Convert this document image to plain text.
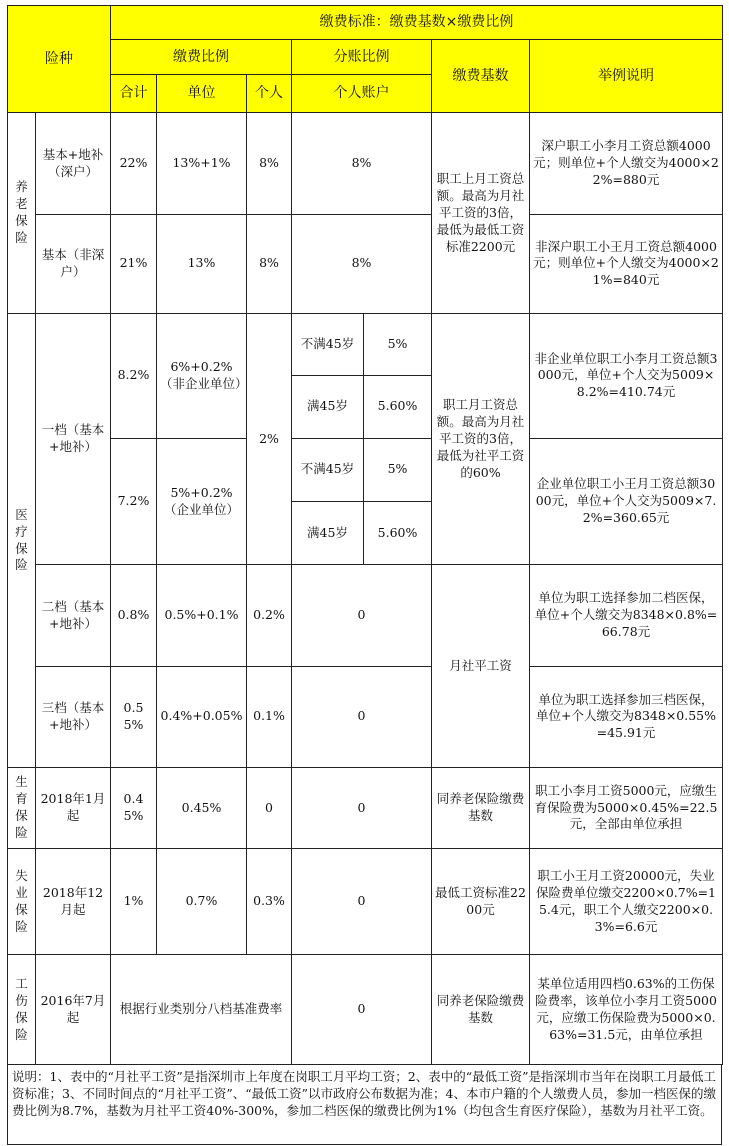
险种		缴费标准：缴费基数×缴费比例						
		缴费比例			分账比例		缴费基数	举例说明
		合计	单位	个人	个人账户			
养老保险	基本+地补（深户）	22%	13%+1%	8%	8%		职工上月工资总额。最高为月社平工资的3倍，最低为最低工资标准2200元	深户职工小李月工资总额4000元；则单位+个人缴交为4000×22%=880元
	基本（非深户）	21%	13%	8%	8%			非深户职工小王月工资总额4000元；则单位+个人缴交为4000×21%=840元
医疗保险	一档（基本+地补）	8.2%	6%+0.2%（非企业单位）	2%	不满45岁	5%	职工月工资总额。最高为月社平工资的3倍，最低为社平工资的60%	非企业单位职工小李月工资总额3000元，单位+个人交为5009×8.2%=410.74元
					满45岁	5.60%		
		7.2%	5%+0.2%（企业单位）		不满45岁	5%		企业单位职工小王月工资总额3000元，单位+个人交为5009×7.2%=360.65元
					满45岁	5.60%		
	二档（基本+地补）	0.8%	0.5%+0.1%	0.2%	0		月社平工资	单位为职工选择参加二档医保，单位+个人缴交为8348×0.8%=66.78元
	三档（基本+地补）	0.55%	0.4%+0.05%	0.1%	0			单位为职工选择参加三档医保，单位+个人缴交为8348×0.55%=45.91元
生育保险	2018年1月起	0.45%	0.45%	0	0		同养老保险缴费基数	职工小李月工资5000元，应缴生育保险费为5000×0.45%=22.5元，全部由单位承担
失业保险	2018年12月起	1%	0.7%	0.3%	0		最低工资标准2200元	职工小王月工资20000元，失业保险费单位缴交2200×0.7%=15.4元，职工个人缴交2200×0.3%=6.6元
工伤保险	2016年7月起	根据行业类别分八档基准费率			0		同养老保险缴费基数	某单位适用四档0.63%的工伤保险费率，该单位小李月工资5000元，应缴工伤保险费为5000×0.63%=31.5元，由单位承担
说明：1、表中的“月社平工资”是指深圳市上年度在岗职工月平均工资；2、表中的“最低工资”是指深圳市当年在岗职工月最低工资标准；3、不同时间点的“月社平工资”、“最低工资”以市政府公布数据为准；4、本市户籍的个人缴费人员，参加一档医保的缴费比例为8.7%，基数为月社平工资40%-300%，参加二档医保的缴费比例为1%（均包含生育医疗保险），基数为月社平工资。
